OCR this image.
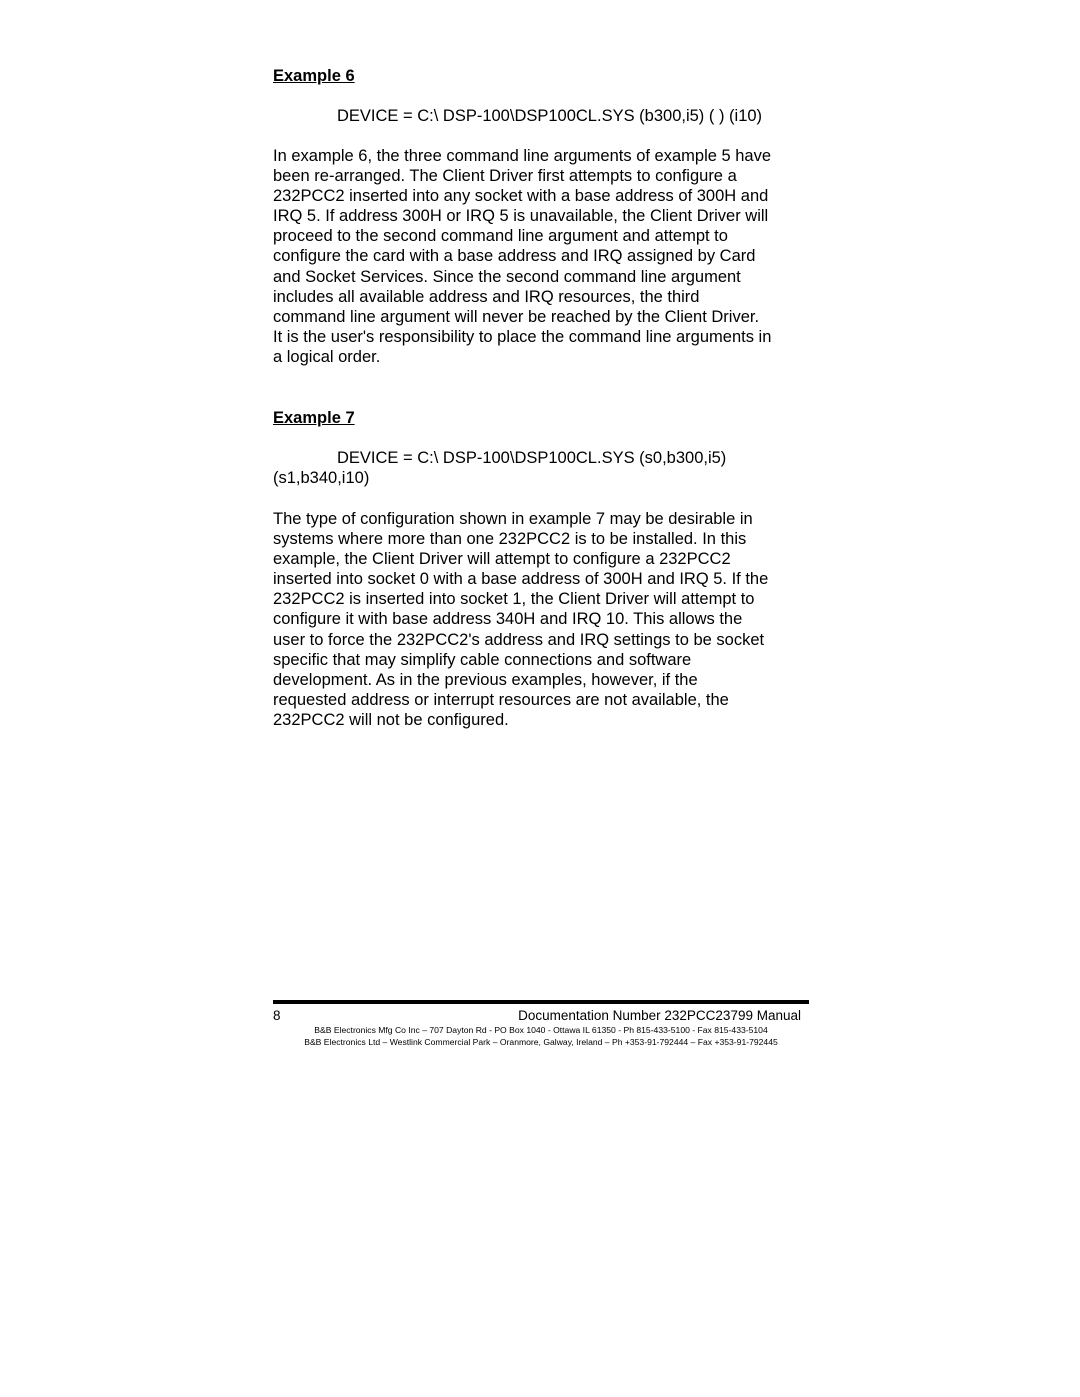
Example 6
DEVICE = C:\ DSP-100\DSP100CL.SYS (b300,i5) ( ) (i10)
In example 6, the three command line arguments of example 5 have
been re-arranged. The Client Driver first attempts to configure a
232PCC2 inserted into any socket with a base address of 300H and
IRQ 5. If address 300H or IRQ 5 is unavailable, the Client Driver will
proceed to the second command line argument and attempt to
configure the card with a base address and IRQ assigned by Card
and Socket Services. Since the second command line argument
includes all available address and IRQ resources, the third
command line argument will never be reached by the Client Driver.
It is the user's responsibility to place the command line arguments in
a logical order.
Example 7
DEVICE = C:\ DSP-100\DSP100CL.SYS (s0,b300,i5) (s1,b340,i10)
The type of configuration shown in example 7 may be desirable in
systems where more than one 232PCC2 is to be installed. In this
example, the Client Driver will attempt to configure a 232PCC2
inserted into socket 0 with a base address of 300H and IRQ 5. If the
232PCC2 is inserted into socket 1, the Client Driver will attempt to
configure it with base address 340H and IRQ 10. This allows the
user to force the 232PCC2's address and IRQ settings to be socket
specific that may simplify cable connections and software
development. As in the previous examples, however, if the
requested address or interrupt resources are not available, the
232PCC2 will not be configured.
8	Documentation Number 232PCC23799 Manual
B&B Electronics Mfg Co Inc – 707 Dayton Rd - PO Box 1040 - Ottawa IL 61350 - Ph 815-433-5100 - Fax 815-433-5104
B&B Electronics Ltd – Westlink Commercial Park – Oranmore, Galway, Ireland – Ph +353-91-792444 – Fax +353-91-792445
